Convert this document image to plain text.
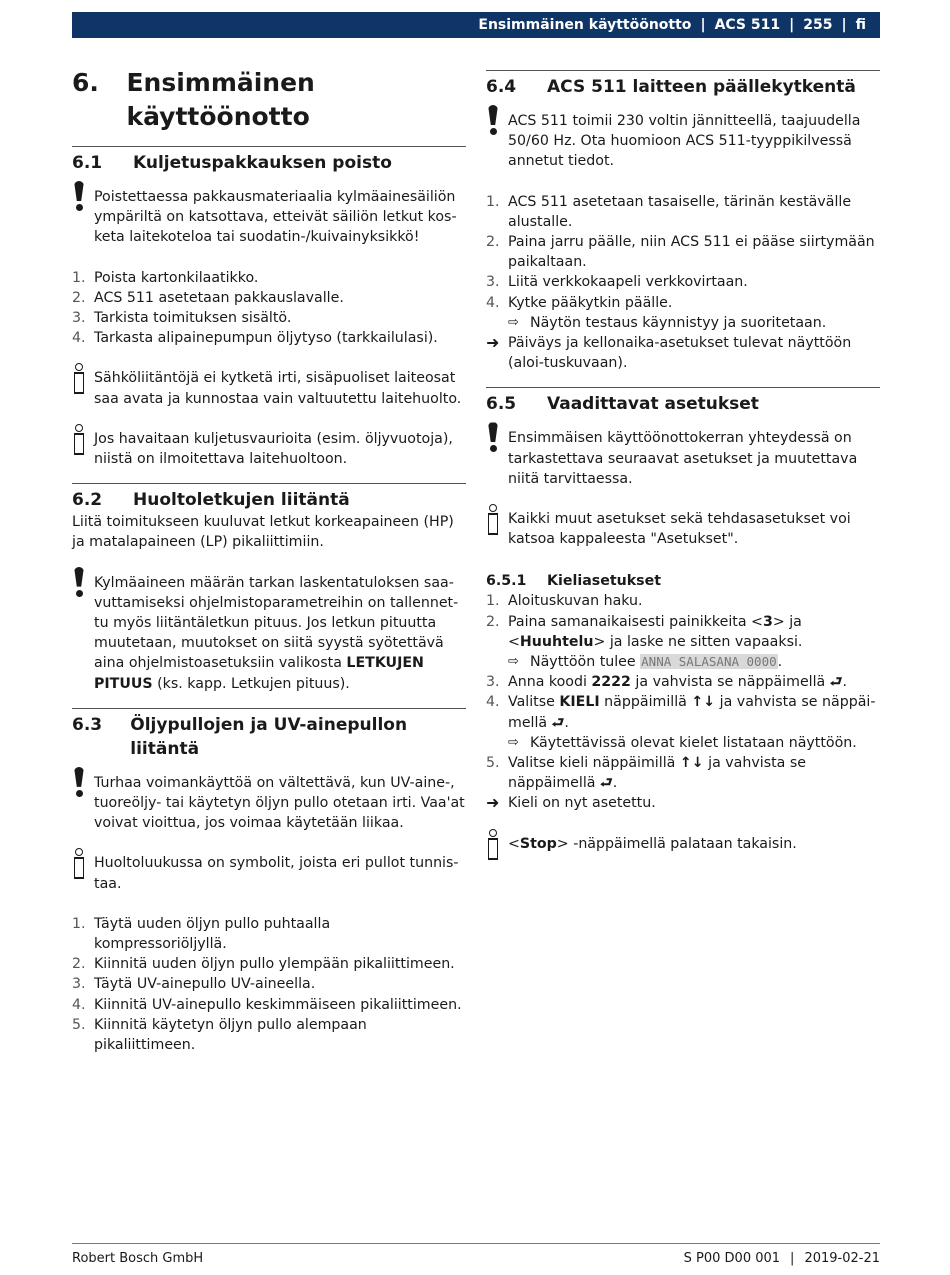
Ensimmäinen käyttöönotto | ACS 511 | 255 | fi
6.	Ensimmäinen käyttöönotto
6.1	Kuljetuspakkauksen poisto
Poistettaessa pakkausmateriaalia kylmäainesäiliön ympäriltä on katsottava, etteivät säiliön letkut kos-keta laitekoteloa tai suodatin-/kuivainyksikkö!
1. Poista kartonkilaatikko.
2. ACS 511 asetetaan pakkauslavalle.
3. Tarkista toimituksen sisältö.
4. Tarkasta alipainepumpun öljytyso (tarkkailulasi).
Sähköliitäntöjä ei kytketä irti, sisäpuoliset laiteosat saa avata ja kunnostaa vain valtuutettu laitehuolto.
Jos havaitaan kuljetusvaurioita (esim. öljyvuotoja), niistä on ilmoitettava laitehuoltoon.
6.2	Huoltoletkujen liitäntä
Liitä toimitukseen kuuluvat letkut korkeapaineen (HP) ja matalapaineen (LP) pikaliittimiin.
Kylmäaineen määrän tarkan laskentatuloksen saa-vuttamiseksi ohjelmistoparametreihin on tallennet-tu myös liitäntäletkun pituus. Jos letkun pituutta muutetaan, muutokset on siitä syystä syötettävä aina ohjelmistoasetuksiin valikosta LETKUJEN PITUUS (ks. kapp. Letkujen pituus).
6.3	Öljypullojen ja UV-ainepullon liitäntä
Turhaa voimankäyttöä on vältettävä, kun UV-aine-, tuoreöljy- tai käytetyn öljyn pullo otetaan irti. Vaa'at voivat vioittua, jos voimaa käytetään liikaa.
Huoltoluukussa on symbolit, joista eri pullot tunnis-taa.
1. Täytä uuden öljyn pullo puhtaalla kompressoriöljyllä.
2. Kiinnitä uuden öljyn pullo ylempään pikaliittimeen.
3. Täytä UV-ainepullo UV-aineella.
4. Kiinnitä UV-ainepullo keskimmäiseen pikaliittimeen.
5. Kiinnitä käytetyn öljyn pullo alempaan pikaliittimeen.
6.4	ACS 511 laitteen päällekytkentä
ACS 511 toimii 230 voltin jännitteellä, taajuudella 50/60 Hz. Ota huomioon ACS 511-tyyppikilvessä annetut tiedot.
1. ACS 511 asetetaan tasaiselle, tärinän kestävälle alustalle.
2. Paina jarru päälle, niin ACS 511 ei pääse siirtymään paikaltaan.
3. Liitä verkkokaapeli verkkovirtaan.
4. Kytke pääkytkin päälle.
⇨ Näytön testaus käynnistyy ja suoritetaan.
➜ Päiväys ja kellonaika-asetukset tulevat näyttöön (aloi-tuskuvaan).
6.5	Vaadittavat asetukset
Ensimmäisen käyttöönottokerran yhteydessä on tarkastettava seuraavat asetukset ja muutettava niitä tarvittaessa.
Kaikki muut asetukset sekä tehdasasetukset voi katsoa kappaleesta "Asetukset".
6.5.1	Kieliasetukset
1. Aloituskuvan haku.
2. Paina samanaikaisesti painikkeita <3> ja <Huuhtelu> ja laske ne sitten vapaaksi.
⇨ Näyttöön tulee ANNA SALASANA 0000.
3. Anna koodi 2222 ja vahvista se näppäimellä ⮐.
4. Valitse KIELI näppäimillä ↑↓ ja vahvista se näppäi-mellä ⮐.
⇨ Käytettävissä olevat kielet listataan näyttöön.
5. Valitse kieli näppäimillä ↑↓ ja vahvista se näppäimellä ⮐.
➜ Kieli on nyt asetettu.
<Stop> -näppäimellä palataan takaisin.
Robert Bosch GmbH	S P00 D00 001 | 2019-02-21
